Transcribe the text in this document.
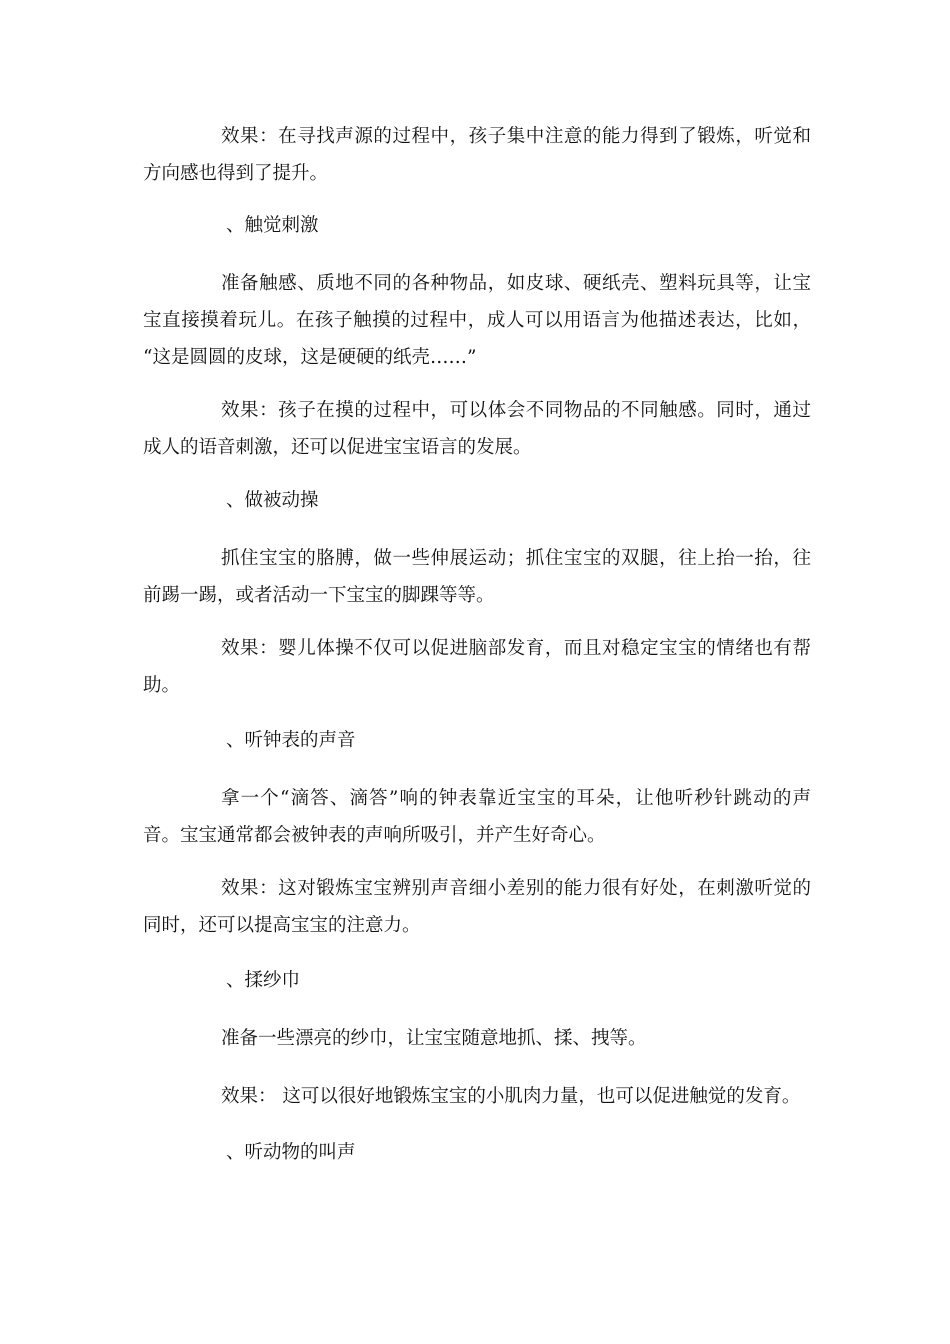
效果：在寻找声源的过程中，孩子集中注意的能力得到了锻炼，听觉和
方向感也得到了提升。
、触觉刺激
准备触感、质地不同的各种物品，如皮球、硬纸壳、塑料玩具等，让宝
宝直接摸着玩儿。在孩子触摸的过程中，成人可以用语言为他描述表达，比如，
“这是圆圆的皮球，这是硬硬的纸壳……”
效果：孩子在摸的过程中，可以体会不同物品的不同触感。同时，通过
成人的语音刺激，还可以促进宝宝语言的发展。
、做被动操
抓住宝宝的胳膊，做一些伸展运动；抓住宝宝的双腿，往上抬一抬，往
前踢一踢，或者活动一下宝宝的脚踝等等。
效果：婴儿体操不仅可以促进脑部发育，而且对稳定宝宝的情绪也有帮
助。
、听钟表的声音
拿一个“滴答、滴答”响的钟表靠近宝宝的耳朵，让他听秒针跳动的声
音。宝宝通常都会被钟表的声响所吸引，并产生好奇心。
效果：这对锻炼宝宝辨别声音细小差别的能力很有好处，在刺激听觉的
同时，还可以提高宝宝的注意力。
、揉纱巾
准备一些漂亮的纱巾，让宝宝随意地抓、揉、拽等。
效果： 这可以很好地锻炼宝宝的小肌肉力量，也可以促进触觉的发育。
、听动物的叫声
